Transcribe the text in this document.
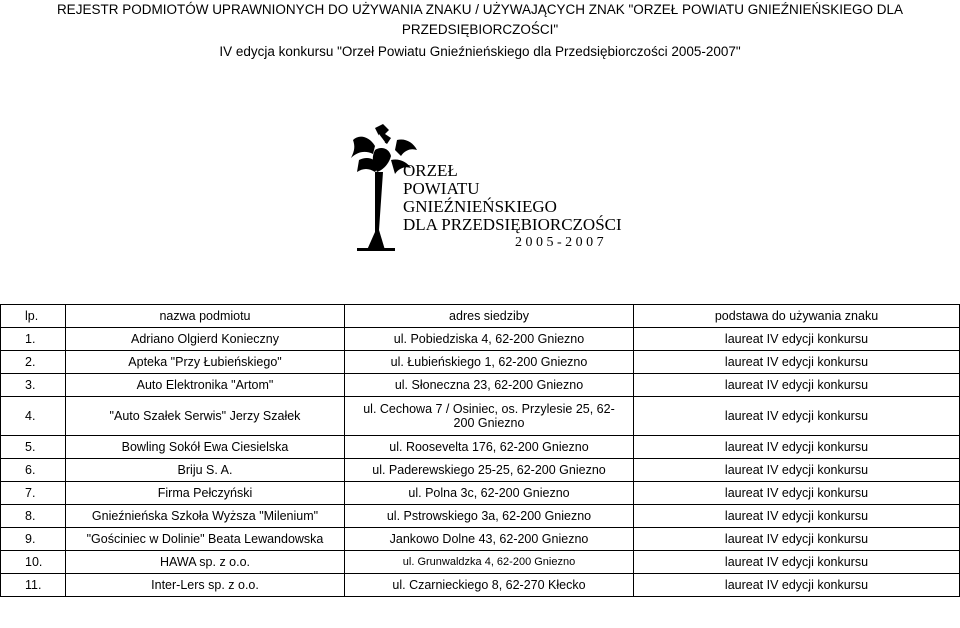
REJESTR PODMIOTÓW UPRAWNIONYCH DO UŻYWANIA ZNAKU / UŻYWAJĄCYCH ZNAK "ORZEŁ POWIATU GNIEŹNIEŃSKIEGO DLA
PRZEDSIĘBIORCZOŚCI"
IV edycja konkursu "Orzeł Powiatu Gnieźnieńskiego dla Przedsiębiorczości 2005-2007"
ORZEŁ
POWIATU
GNIEŹNIEŃSKIEGO
DLA PRZEDSIĘBIORCZOŚCI
2 0 0 5 - 2 0 0 7
lp.	nazwa podmiotu	adres siedziby	podstawa do używania znaku
1.	Adriano Olgierd Konieczny	ul. Pobiedziska 4, 62-200 Gniezno	laureat IV edycji konkursu
2.	Apteka "Przy Łubieńskiego"	ul. Łubieńskiego 1, 62-200 Gniezno	laureat IV edycji konkursu
3.	Auto Elektronika "Artom"	ul. Słoneczna 23, 62-200 Gniezno	laureat IV edycji konkursu
4.	"Auto Szałek Serwis" Jerzy Szałek	ul. Cechowa 7 / Osiniec, os. Przylesie 25, 62-
200 Gniezno	laureat IV edycji konkursu
5.	Bowling Sokół Ewa Ciesielska	ul. Roosevelta 176, 62-200 Gniezno	laureat IV edycji konkursu
6.	Briju S. A.	ul. Paderewskiego 25-25, 62-200 Gniezno	laureat IV edycji konkursu
7.	Firma Pełczyński	ul. Polna 3c, 62-200 Gniezno	laureat IV edycji konkursu
8.	Gnieźnieńska Szkoła Wyższa "Milenium"	ul. Pstrowskiego 3a, 62-200 Gniezno	laureat IV edycji konkursu
9.	"Gościniec w Dolinie" Beata Lewandowska	Jankowo Dolne 43, 62-200 Gniezno	laureat IV edycji konkursu
10.	HAWA sp. z o.o.	ul. Grunwaldzka 4, 62-200 Gniezno	laureat IV edycji konkursu
11.	Inter-Lers sp. z o.o.	ul. Czarnieckiego 8, 62-270 Kłecko	laureat IV edycji konkursu
